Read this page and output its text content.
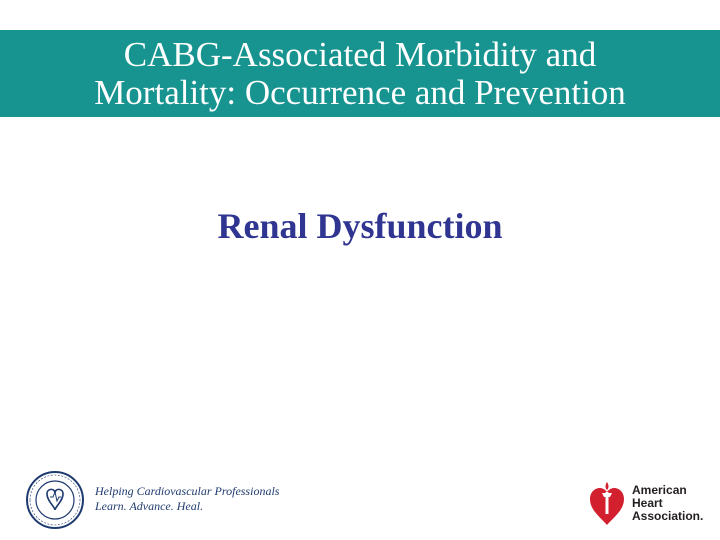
CABG-Associated Morbidity and
Mortality: Occurrence and Prevention
Renal Dysfunction
Helping Cardiovascular Professionals
Learn. Advance. Heal.
American
Heart
Association.
